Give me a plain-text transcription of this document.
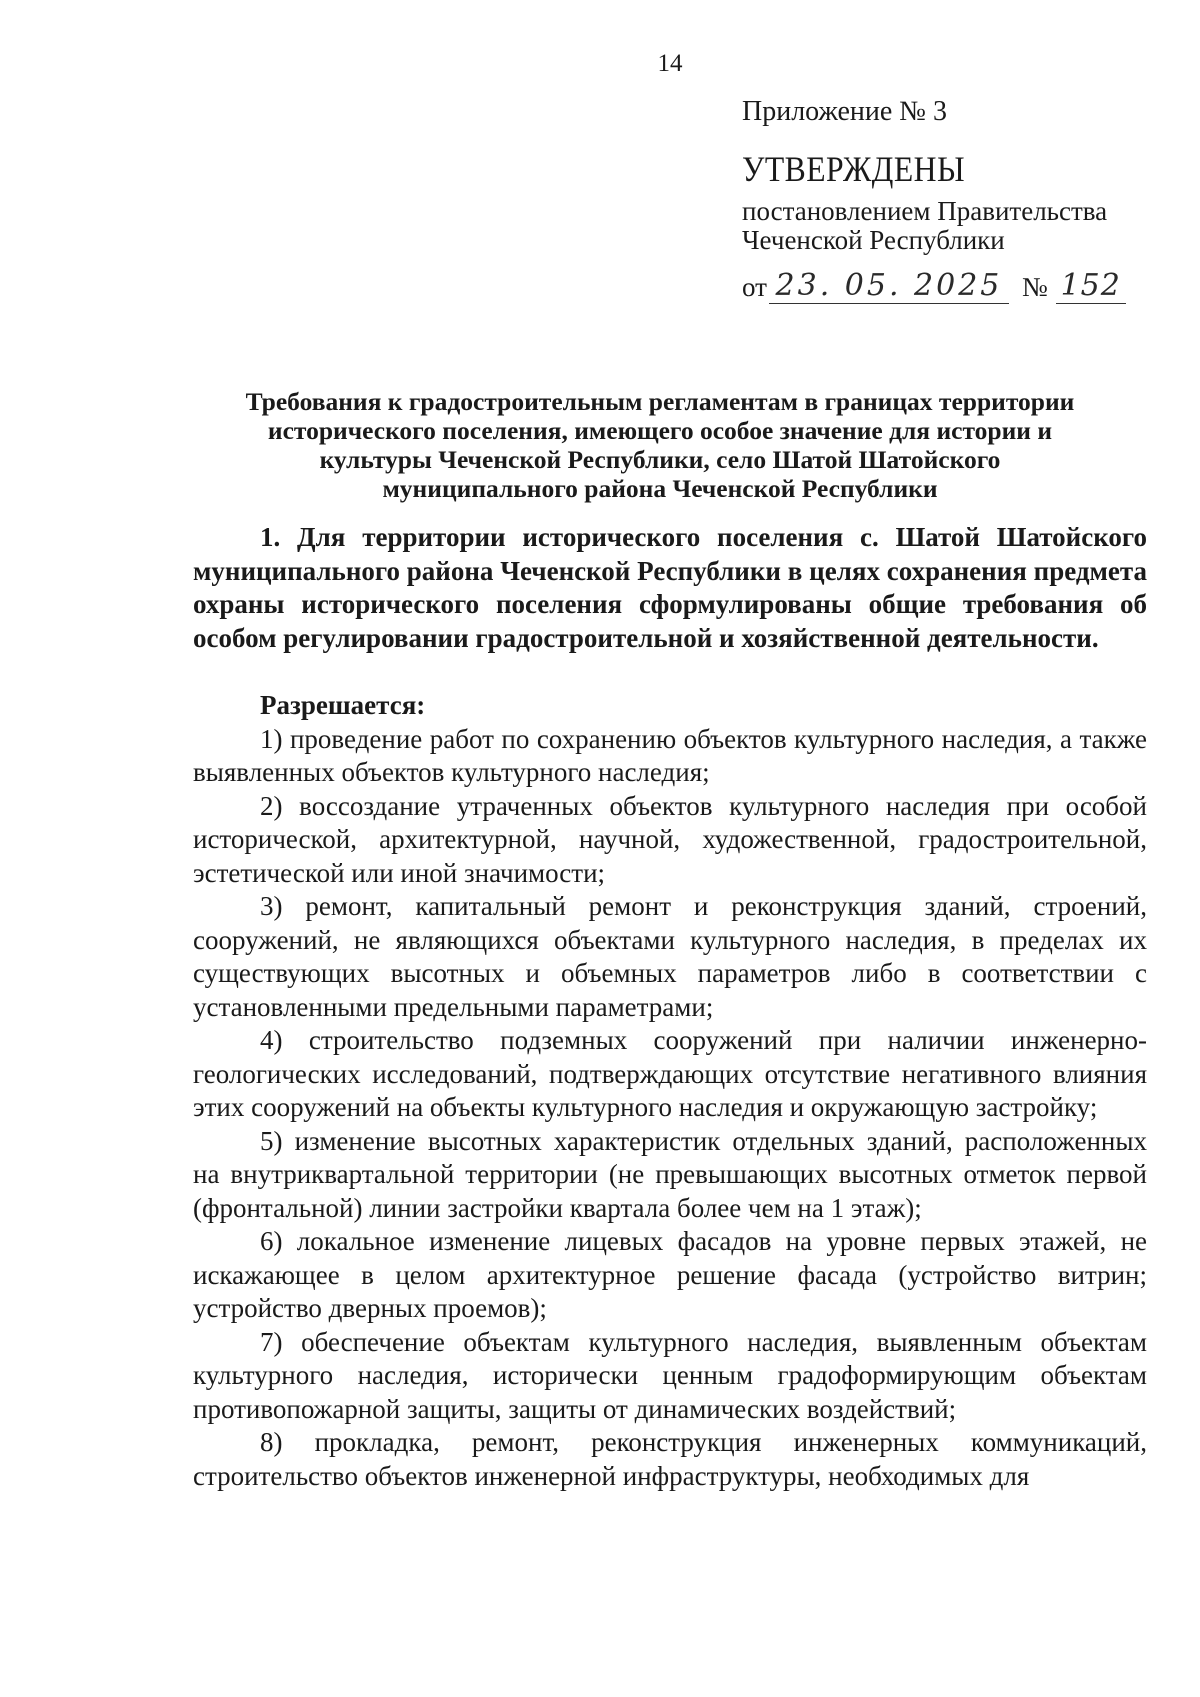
14
Приложение № 3
УТВЕРЖДЕНЫ
постановлением Правительства
Чеченской Республики
от 23. 05. 2025 № 152
Требования к градостроительным регламентам в границах территории
исторического поселения, имеющего особое значение для истории и
культуры Чеченской Республики, село Шатой Шатойского
муниципального района Чеченской Республики

1. Для территории исторического поселения с. Шатой Шатойского муниципального района Чеченской Республики в целях сохранения предмета охраны исторического поселения сформулированы общие требования об особом регулировании градостроительной и хозяйственной деятельности.

Разрешается:

1) проведение работ по сохранению объектов культурного наследия, а также выявленных объектов культурного наследия;

2) воссоздание утраченных объектов культурного наследия при особой исторической, архитектурной, научной, художественной, градостроительной, эстетической или иной значимости;

3) ремонт, капитальный ремонт и реконструкция зданий, строений, сооружений, не являющихся объектами культурного наследия, в пределах их существующих высотных и объемных параметров либо в соответствии с установленными предельными параметрами;

4) строительство подземных сооружений при наличии инженерно-геологических исследований, подтверждающих отсутствие негативного влияния этих сооружений на объекты культурного наследия и окружающую застройку;

5) изменение высотных характеристик отдельных зданий, расположенных на внутриквартальной территории (не превышающих высотных отметок первой (фронтальной) линии застройки квартала более чем на 1 этаж);

6) локальное изменение лицевых фасадов на уровне первых этажей, не искажающее в целом архитектурное решение фасада (устройство витрин; устройство дверных проемов);

7) обеспечение объектам культурного наследия, выявленным объектам культурного наследия, исторически ценным градоформирующим объектам противопожарной защиты, защиты от динамических воздействий;

8) прокладка, ремонт, реконструкция инженерных коммуникаций, строительство объектов инженерной инфраструктуры, необходимых для
